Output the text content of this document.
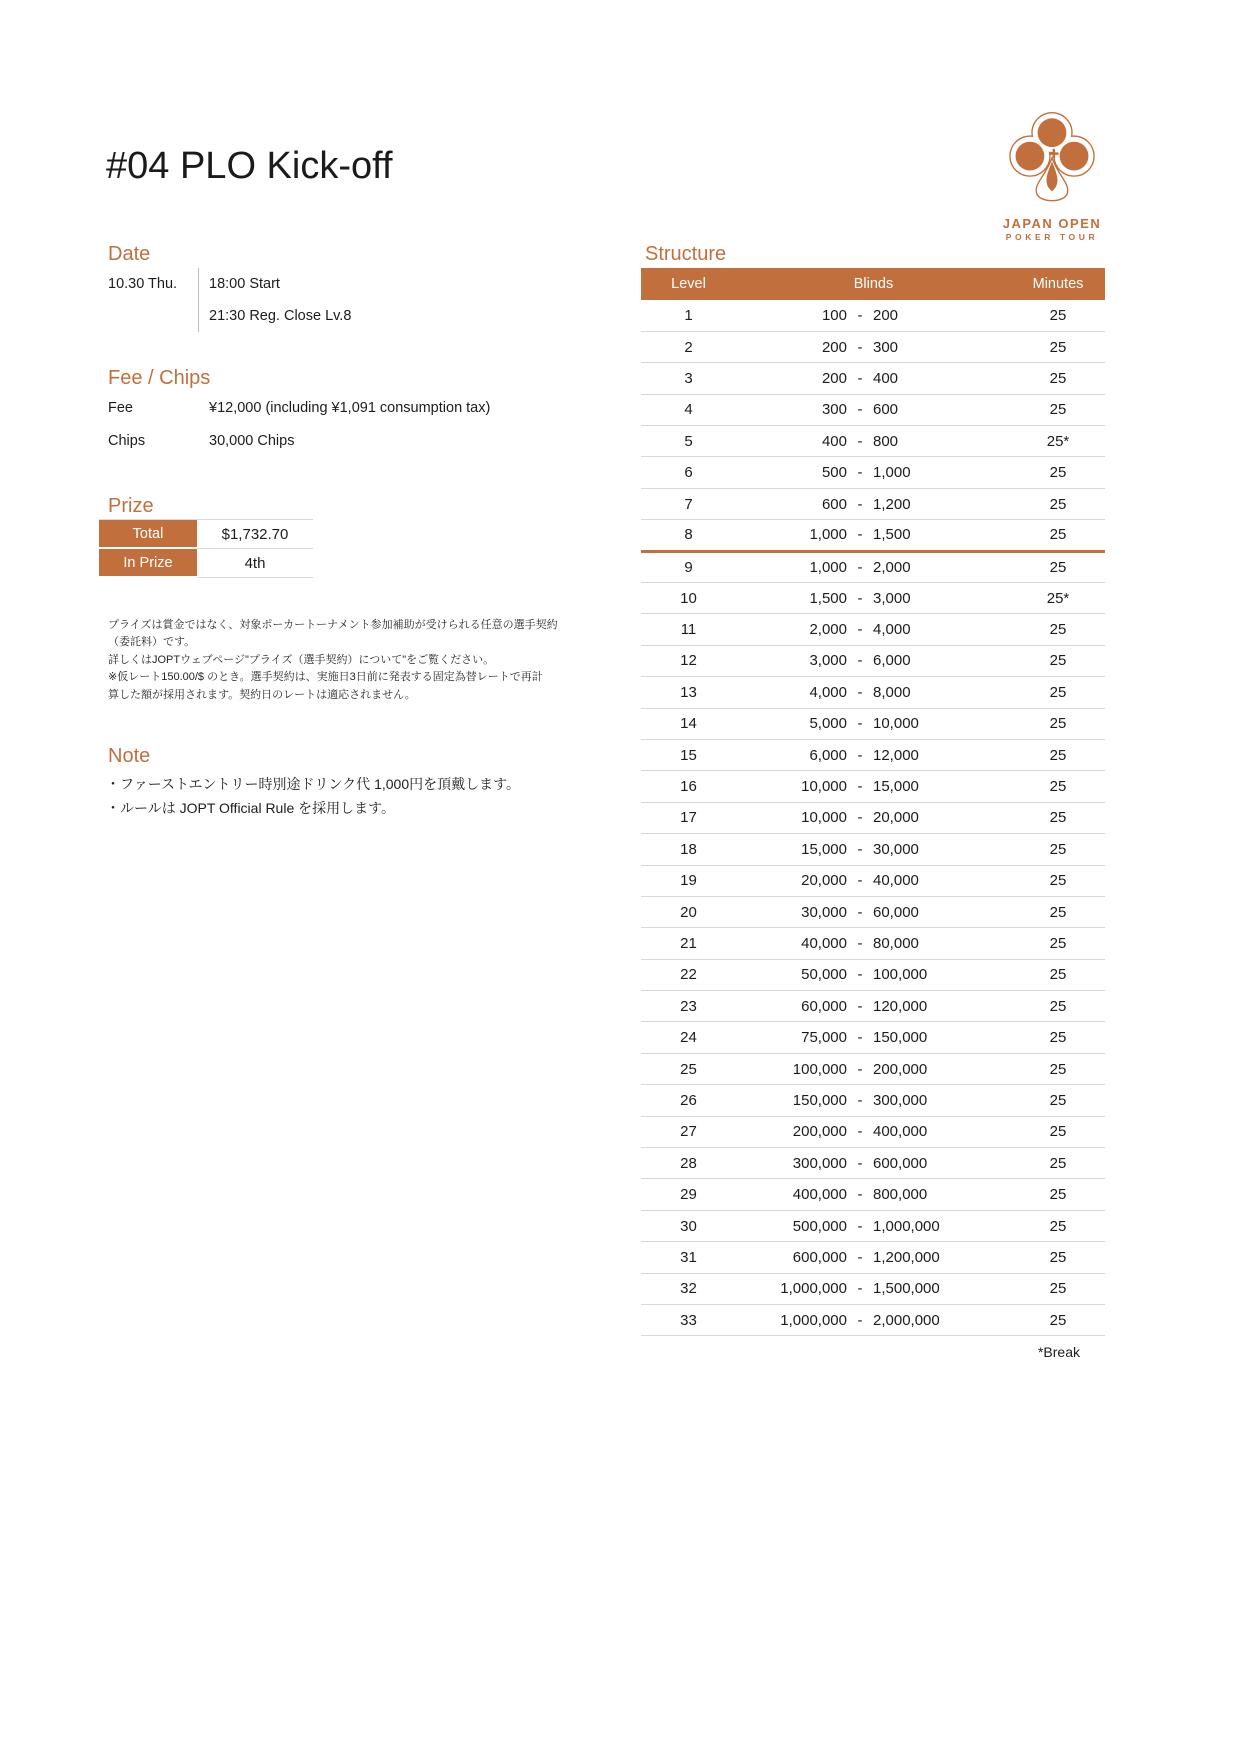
#04 PLO Kick-off
JAPAN OPEN
POKER TOUR
Date
10.30 Thu. 18:00 Start
21:30 Reg. Close Lv.8
Fee / Chips
Fee	¥12,000 (including ¥1,091 consumption tax)
Chips	30,000 Chips
Prize
Total	$1,732.70
In Prize	4th
プライズは賞金ではなく、対象ポーカートーナメント参加補助が受けられる任意の選手契約
（委託料）です。
詳しくはJOPTウェブページ"プライズ（選手契約）について"をご覧ください。
※仮レート150.00/$ のとき。選手契約は、実施日3日前に発表する固定為替レートで再計
算した額が採用されます。契約日のレートは適応されません。
Note
・ファーストエントリー時別途ドリンク代 1,000円を頂戴します。
・ルールは JOPT Official Rule を採用します。
Structure
Level	Blinds	Minutes
1	100 - 200	25
2	200 - 300	25
3	200 - 400	25
4	300 - 600	25
5	400 - 800	25*
6	500 - 1,000	25
7	600 - 1,200	25
8	1,000 - 1,500	25
9	1,000 - 2,000	25
10	1,500 - 3,000	25*
11	2,000 - 4,000	25
12	3,000 - 6,000	25
13	4,000 - 8,000	25
14	5,000 - 10,000	25
15	6,000 - 12,000	25
16	10,000 - 15,000	25
17	10,000 - 20,000	25
18	15,000 - 30,000	25
19	20,000 - 40,000	25
20	30,000 - 60,000	25
21	40,000 - 80,000	25
22	50,000 - 100,000	25
23	60,000 - 120,000	25
24	75,000 - 150,000	25
25	100,000 - 200,000	25
26	150,000 - 300,000	25
27	200,000 - 400,000	25
28	300,000 - 600,000	25
29	400,000 - 800,000	25
30	500,000 - 1,000,000	25
31	600,000 - 1,200,000	25
32	1,000,000 - 1,500,000	25
33	1,000,000 - 2,000,000	25
*Break
